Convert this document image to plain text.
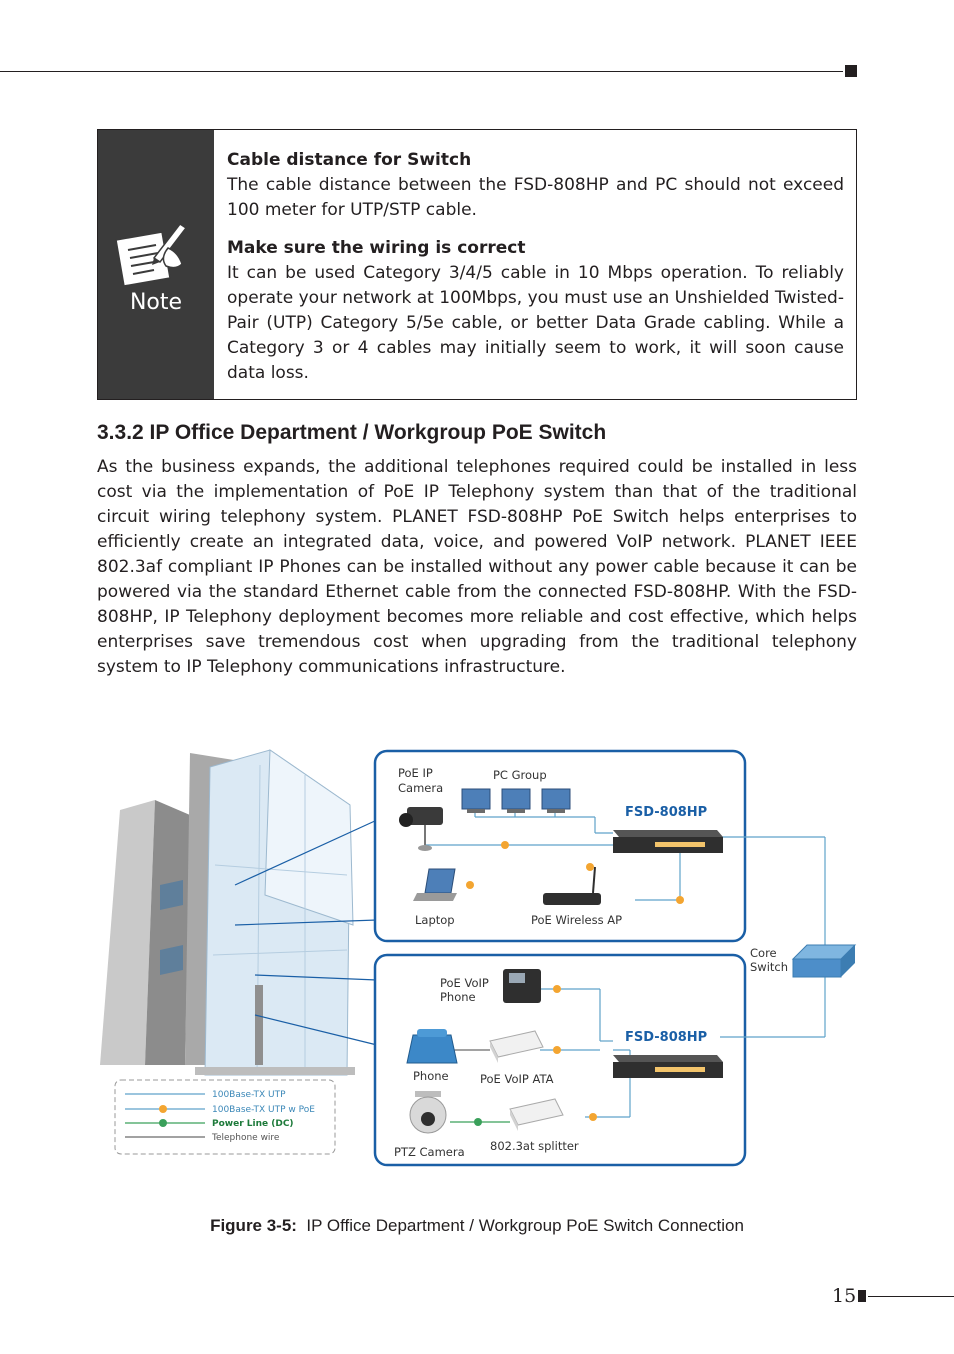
Note
Cable distance for Switch

The cable distance between the FSD-808HP and PC should not exceed 100 meter for UTP/STP cable.

Make sure the wiring is correct

It can be used Category 3/4/5 cable in 10 Mbps operation. To reliably operate your network at 100Mbps, you must use an Unshielded Twisted-Pair (UTP) Category 5/5e cable, or better Data Grade cabling. While a Category 3 or 4 cables may initially seem to work, it will soon cause data loss.

3.3.2 IP Office Department / Workgroup PoE Switch

As the business expands, the additional telephones required could be installed in less cost via the implementation of PoE IP Telephony system than that of the traditional circuit wiring telephony system. PLANET FSD-808HP PoE Switch helps enterprises to efficiently create an integrated data, voice, and powered VoIP network. PLANET IEEE 802.3af compliant IP Phones can be installed without any power cable because it can be powered via the standard Ethernet cable from the connected FSD-808HP. With the FSD-808HP, IP Telephony deployment becomes more reliable and cost effective, which helps enterprises save tremendous cost when upgrading from the traditional telephony system to IP Telephony communications infrastructure.

PoE IP
Camera
PC Group
FSD-808HP
Laptop	PoE Wireless AP
Core
Switch
PoE VoIP
Phone
FSD-808HP
Phone	PoE VoIP ATA
PTZ Camera 802.3at splitter
100Base-TX UTP
100Base-TX UTP w PoE
Power Line (DC)
Telephone wire
Figure 3-5: IP Office Department / Workgroup PoE Switch Connection
15
